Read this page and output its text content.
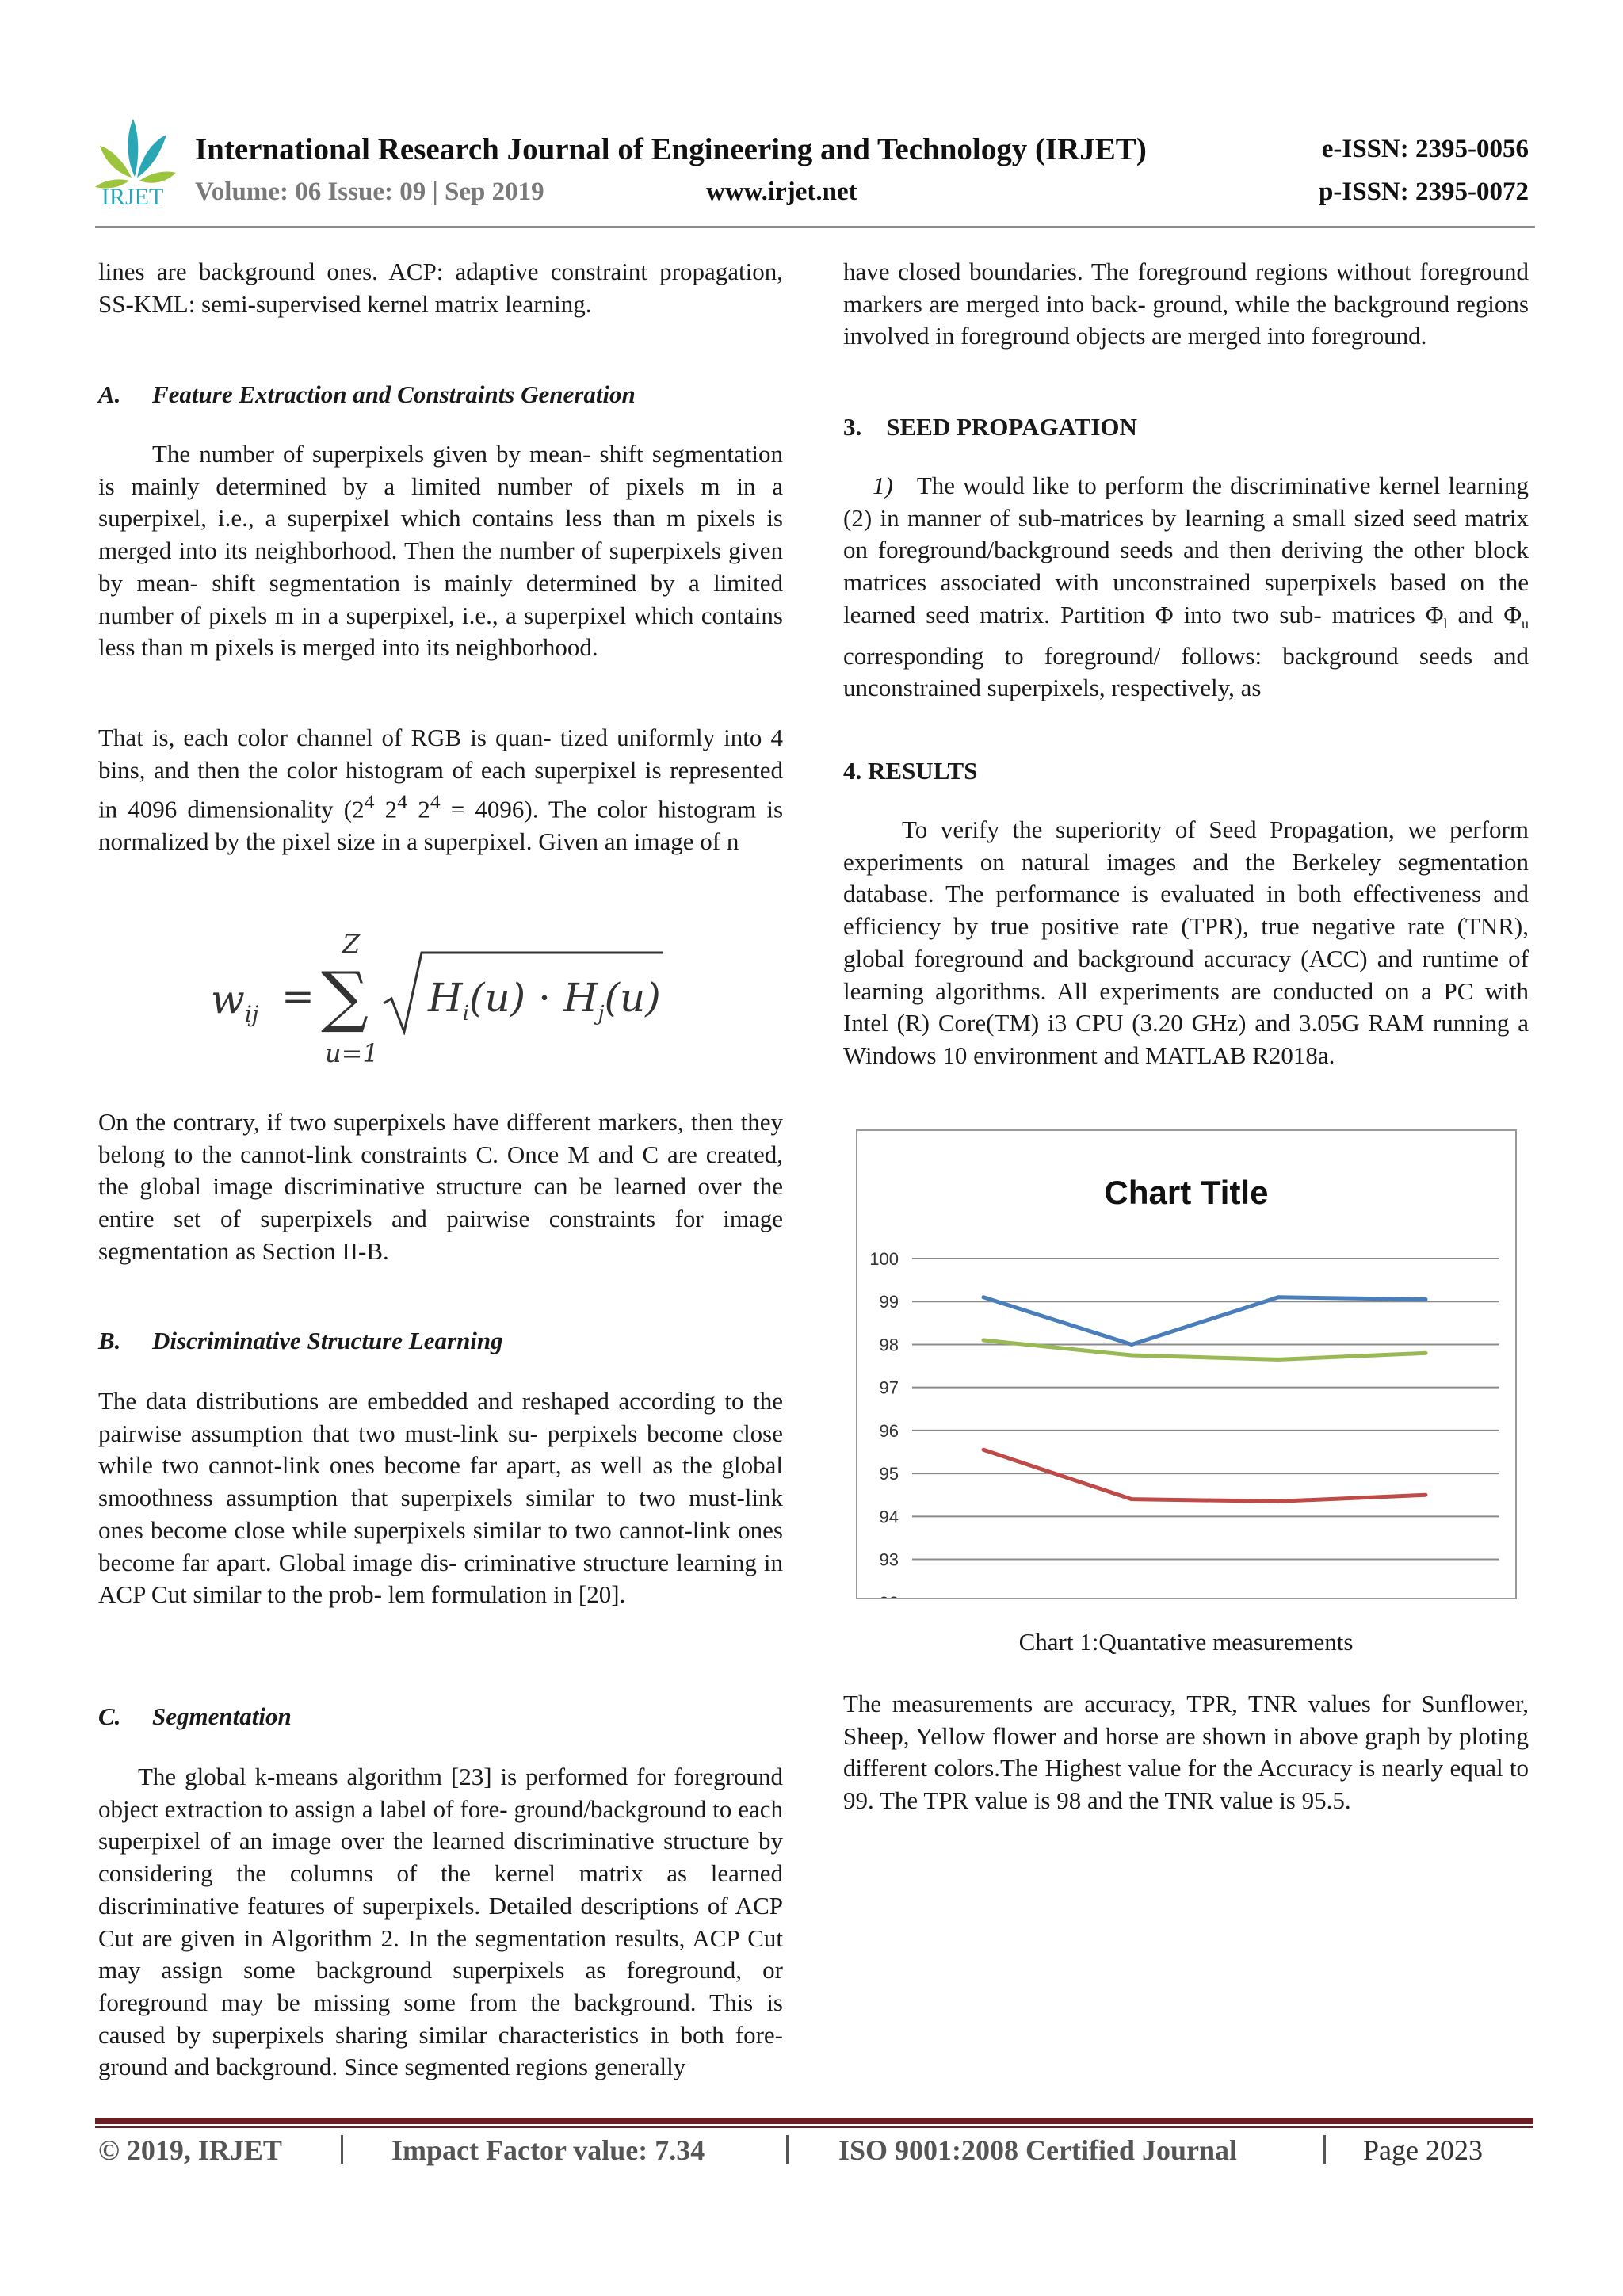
IRJET
International Research Journal of Engineering and Technology (IRJET)	e-ISSN: 2395-0056
Volume: 06 Issue: 09 | Sep 2019	www.irjet.net	p-ISSN: 2395-0072
lines are background ones. ACP: adaptive constraint propagation, SS-KML: semi-supervised kernel matrix learning.
A. Feature Extraction and Constraints Generation
The number of superpixels given by mean- shift segmentation is mainly determined by a limited number of pixels m in a superpixel, i.e., a superpixel which contains less than m pixels is merged into its neighborhood. Then the number of superpixels given by mean- shift segmentation is mainly determined by a limited number of pixels m in a superpixel, i.e., a superpixel which contains less than m pixels is merged into its neighborhood.
That is, each color channel of RGB is quan- tized uniformly into 4 bins, and then the color histogram of each superpixel is represented in 4096 dimensionality ($2^4$ $2^4$ $2^4 = 4096$). The color histogram is normalized by the pixel size in a superpixel. Given an image of n
$w_{ij}$ =
Z
∑
u=1
$H_i(u) \cdot H_j(u)$
On the contrary, if two superpixels have different markers, then they belong to the cannot-link constraints C. Once M and C are created, the global image discriminative structure can be learned over the entire set of superpixels and pairwise constraints for image segmentation as Section II-B.
B. Discriminative Structure Learning
The data distributions are embedded and reshaped according to the pairwise assumption that two must-link su- perpixels become close while two cannot-link ones become far apart, as well as the global smoothness assumption that superpixels similar to two must-link ones become close while superpixels similar to two cannot-link ones become far apart. Global image dis- criminative structure learning in ACP Cut similar to the prob- lem formulation in [20].
C. Segmentation
The global k-means algorithm [23] is performed for foreground object extraction to assign a label of fore- ground/background to each superpixel of an image over the learned discriminative structure by considering the columns of the kernel matrix as learned discriminative features of superpixels. Detailed descriptions of ACP Cut are given in Algorithm 2. In the segmentation results, ACP Cut may assign some background superpixels as foreground, or foreground may be missing some from the background. This is caused by superpixels sharing similar characteristics in both fore- ground and background. Since segmented regions generally
have closed boundaries. The foreground regions without foreground markers are merged into back- ground, while the background regions involved in foreground objects are merged into foreground.
3.    SEED PROPAGATION
1) The would like to perform the discriminative kernel learning (2) in manner of sub-matrices by learning a small sized seed matrix on foreground/background seeds and then deriving the other block matrices associated with unconstrained superpixels based on the learned seed matrix. Partition Φ into two sub- matrices $\Phi_l$ and $\Phi_u$ corresponding to foreground/ follows: background seeds and unconstrained superpixels, respectively, as
4. RESULTS
To verify the superiority of Seed Propagation, we perform experiments on natural images and the Berkeley segmentation database. The performance is evaluated in both effectiveness and efficiency by true positive rate (TPR), true negative rate (TNR), global foreground and background accuracy (ACC) and runtime of learning algorithms. All experiments are conducted on a PC with Intel (R) Core(TM) i3 CPU (3.20 GHz) and 3.05G RAM running a Windows 10 environment and MATLAB R2018a.
Chart Title
100
99
98
97
96
95
94
93
Chart 1:Quantative measurements
The measurements are accuracy, TPR, TNR values for Sunflower, Sheep, Yellow flower and horse are shown in above graph by ploting different colors.The Highest value for the Accuracy is nearly equal to 99. The TPR value is 98 and the TNR value is 95.5.
© 2019, IRJET	Impact Factor value: 7.34	ISO 9001:2008 Certified Journal	Page 2023
